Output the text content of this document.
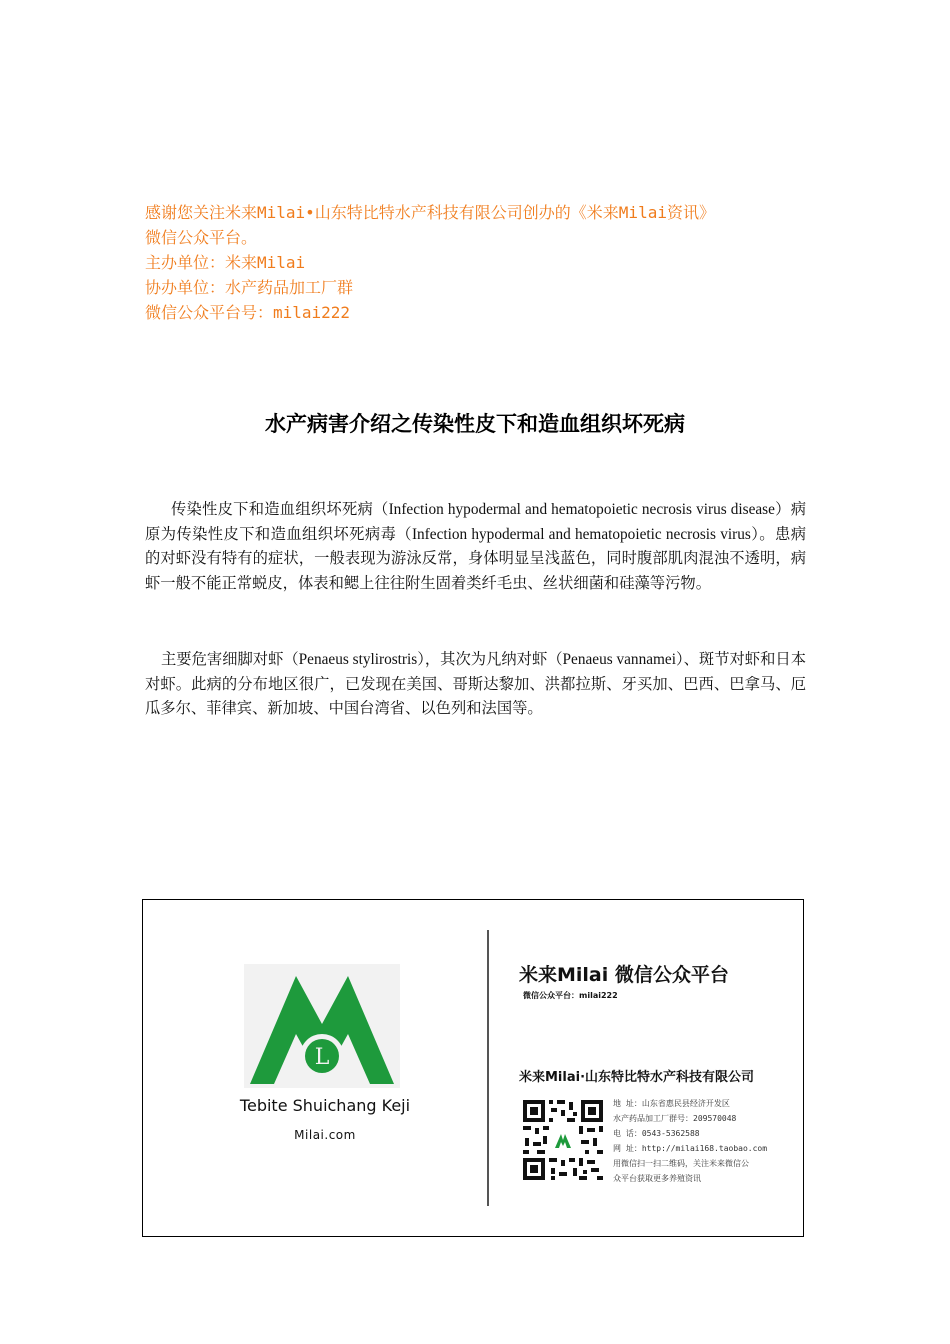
感谢您关注米来Milai•山东特比特水产科技有限公司创办的《米来Milai资讯》
微信公众平台。
主办单位：米来Milai
协办单位：水产药品加工厂群
微信公众平台号：milai222
水产病害介绍之传染性皮下和造血组织坏死病

传染性皮下和造血组织坏死病（Infection hypodermal and hematopoietic necrosis virus disease）病原为传染性皮下和造血组织坏死病毒（Infection hypodermal and hematopoietic necrosis virus）。患病的对虾没有特有的症状，一般表现为游泳反常，身体明显呈浅蓝色，同时腹部肌肉混浊不透明，病虾一般不能正常蜕皮，体表和鳃上往往附生固着类纤毛虫、丝状细菌和硅藻等污物。

主要危害细脚对虾（Penaeus stylirostris），其次为凡纳对虾（Penaeus vannamei）、斑节对虾和日本对虾。此病的分布地区很广，已发现在美国、哥斯达黎加、洪都拉斯、牙买加、巴西、巴拿马、厄瓜多尔、菲律宾、新加坡、中国台湾省、以色列和法国等。

L
Tebite Shuichang Keji
Milai.com
米来Milai 微信公众平台
微信公众平台：milai222
米来Milai·山东特比特水产科技有限公司
地 址：山东省惠民县经济开发区
水产药品加工厂群号：209570048
电 话：0543-5362588
网 址：http://milai168.taobao.com
用微信扫一扫二维码，关注米来微信公
众平台获取更多养殖资讯
